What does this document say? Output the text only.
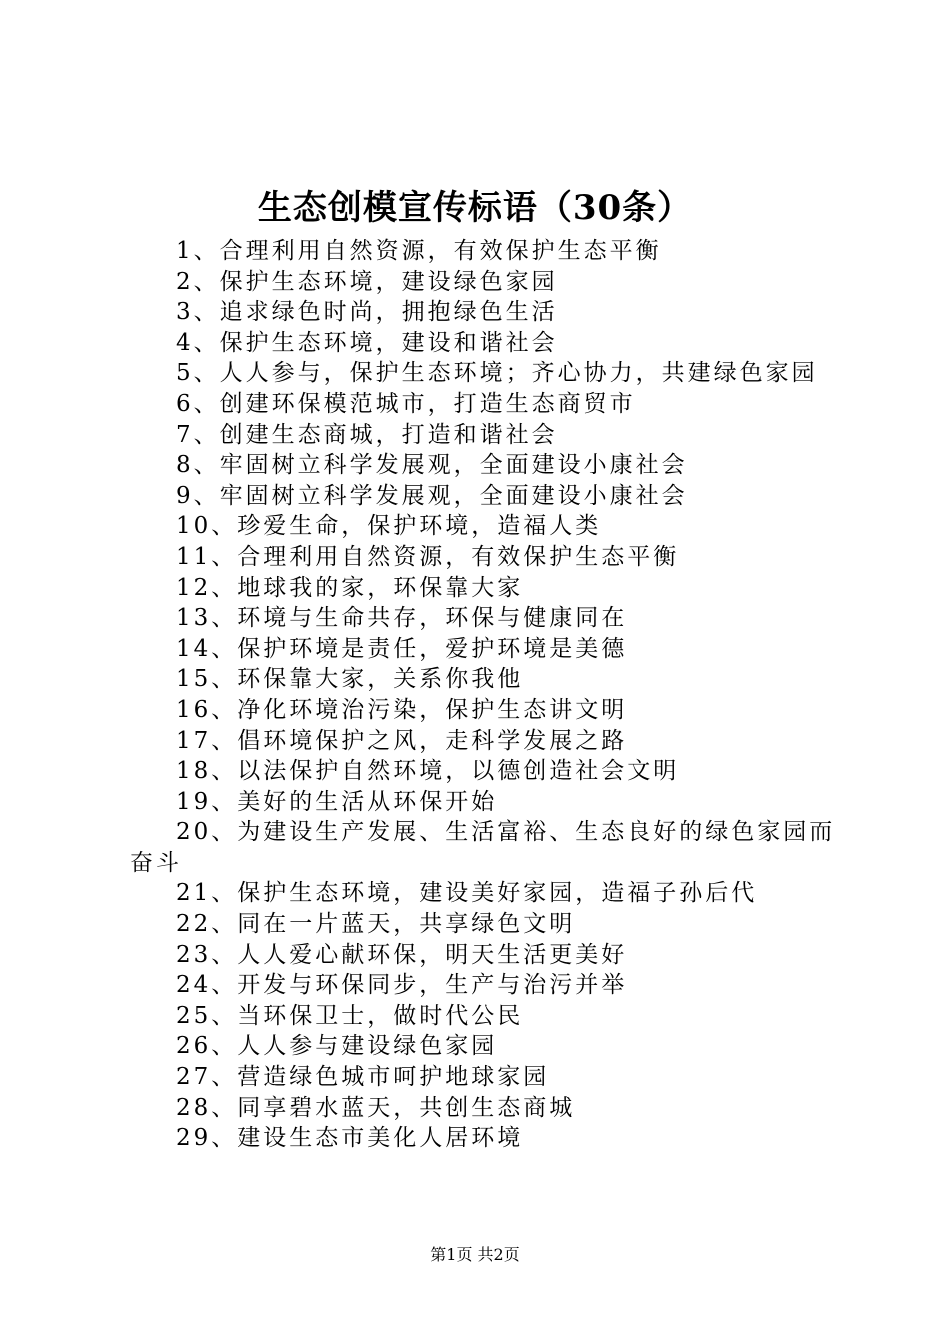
生态创模宣传标语（30条）
1、合理利用自然资源，有效保护生态平衡
2、保护生态环境，建设绿色家园
3、追求绿色时尚，拥抱绿色生活
4、保护生态环境，建设和谐社会
5、人人参与，保护生态环境；齐心协力，共建绿色家园
6、创建环保模范城市，打造生态商贸市
7、创建生态商城，打造和谐社会
8、牢固树立科学发展观，全面建设小康社会
9、牢固树立科学发展观，全面建设小康社会
10、珍爱生命，保护环境，造福人类
11、合理利用自然资源，有效保护生态平衡
12、地球我的家，环保靠大家
13、环境与生命共存，环保与健康同在
14、保护环境是责任，爱护环境是美德
15、环保靠大家，关系你我他
16、净化环境治污染，保护生态讲文明
17、倡环境保护之风，走科学发展之路
18、以法保护自然环境，以德创造社会文明
19、美好的生活从环保开始
20、为建设生产发展、生活富裕、生态良好的绿色家园而奋斗
21、保护生态环境，建设美好家园，造福子孙后代
22、同在一片蓝天，共享绿色文明
23、人人爱心献环保，明天生活更美好
24、开发与环保同步，生产与治污并举
25、当环保卫士，做时代公民
26、人人参与建设绿色家园
27、营造绿色城市呵护地球家园
28、同享碧水蓝天，共创生态商城
29、建设生态市美化人居环境
第1页 共2页
